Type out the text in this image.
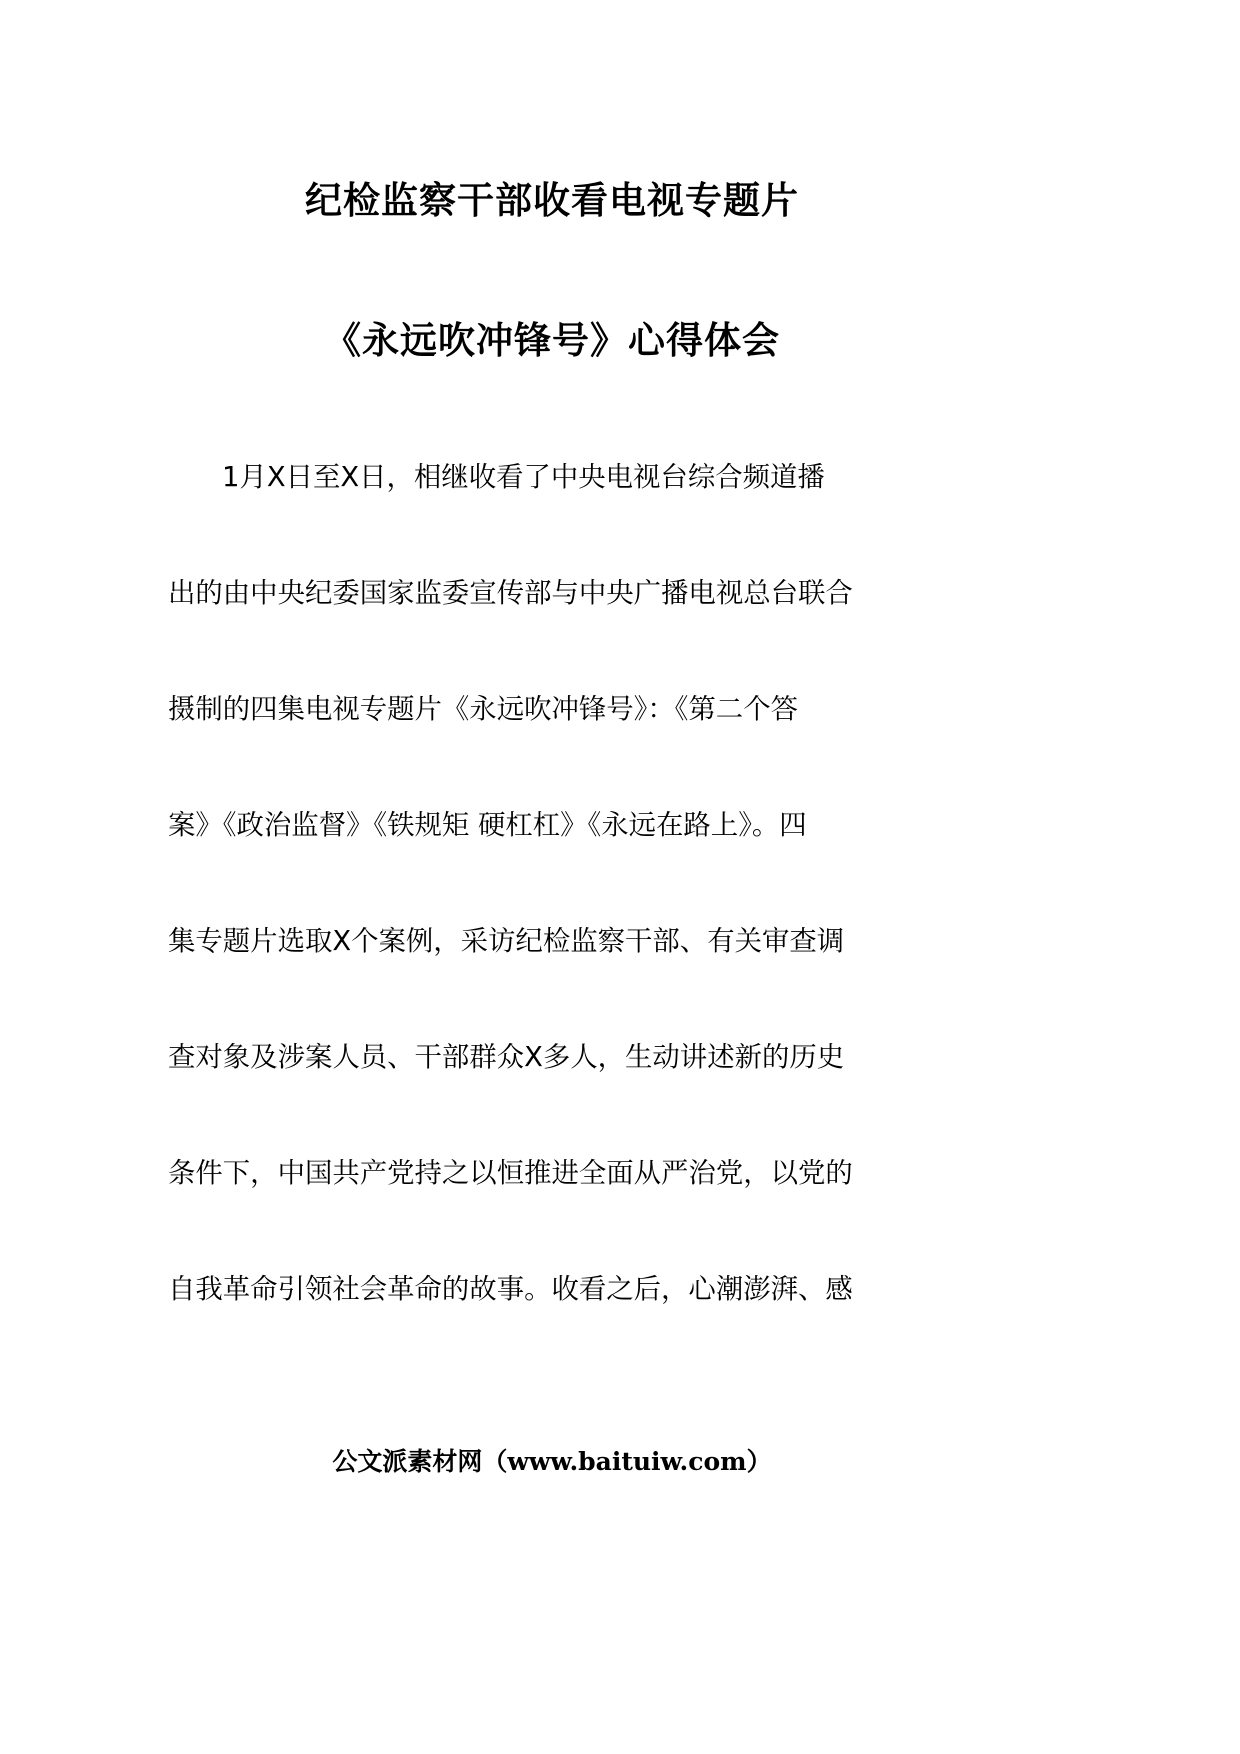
纪检监察干部收看电视专题片
《永远吹冲锋号》心得体会
1月X日至X日，相继收看了中央电视台综合频道播
出的由中央纪委国家监委宣传部与中央广播电视总台联合
摄制的四集电视专题片《永远吹冲锋号》：《第二个答
案》《政治监督》《铁规矩 硬杠杠》《永远在路上》。四
集专题片选取X个案例，采访纪检监察干部、有关审查调
查对象及涉案人员、干部群众X多人，生动讲述新的历史
条件下，中国共产党持之以恒推进全面从严治党，以党的
自我革命引领社会革命的故事。收看之后，心潮澎湃、感
公文派素材网（www.baituiw.com）
